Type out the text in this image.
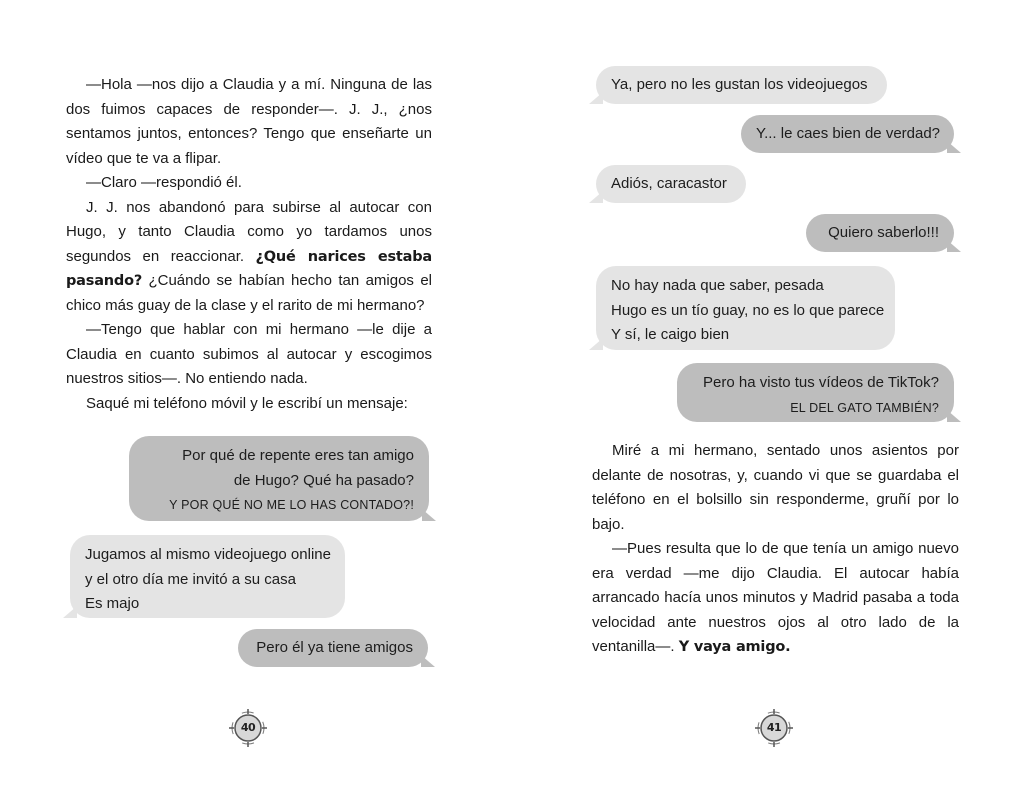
—Hola —nos dijo a Claudia y a mí. Ninguna de las dos fuimos capaces de responder—. J. J., ¿nos sentamos juntos, entonces? Tengo que enseñarte un vídeo que te va a flipar.

—Claro —respondió él.

J. J. nos abandonó para subirse al autocar con Hugo, y tanto Claudia como yo tardamos unos segundos en reaccionar. ¿Qué narices estaba pasando? ¿Cuándo se habían hecho tan amigos el chico más guay de la clase y el rarito de mi hermano?

—Tengo que hablar con mi hermano —le dije a Claudia en cuanto subimos al autocar y escogimos nuestros sitios—. No entiendo nada.

Saqué mi teléfono móvil y le escribí un mensaje:

Por qué de repente eres tan amigo
de Hugo? Qué ha pasado?
Y POR QUÉ NO ME LO HAS CONTADO?!
Jugamos al mismo videojuego online
y el otro día me invitó a su casa
Es majo
Pero él ya tiene amigos
40
Ya, pero no les gustan los videojuegos
Y... le caes bien de verdad?
Adiós, caracastor
Quiero saberlo!!!
No hay nada que saber, pesada
Hugo es un tío guay, no es lo que parece
Y sí, le caigo bien
Pero ha visto tus vídeos de TikTok?
EL DEL GATO TAMBIÉN?

Miré a mi hermano, sentado unos asientos por delante de nosotras, y, cuando vi que se guardaba el teléfono en el bolsillo sin responderme, gruñí por lo bajo.

—Pues resulta que lo de que tenía un amigo nuevo era verdad —me dijo Claudia. El autocar había arrancado hacía unos minutos y Madrid pasaba a toda velocidad ante nuestros ojos al otro lado de la ventanilla—. Y vaya amigo.

41
